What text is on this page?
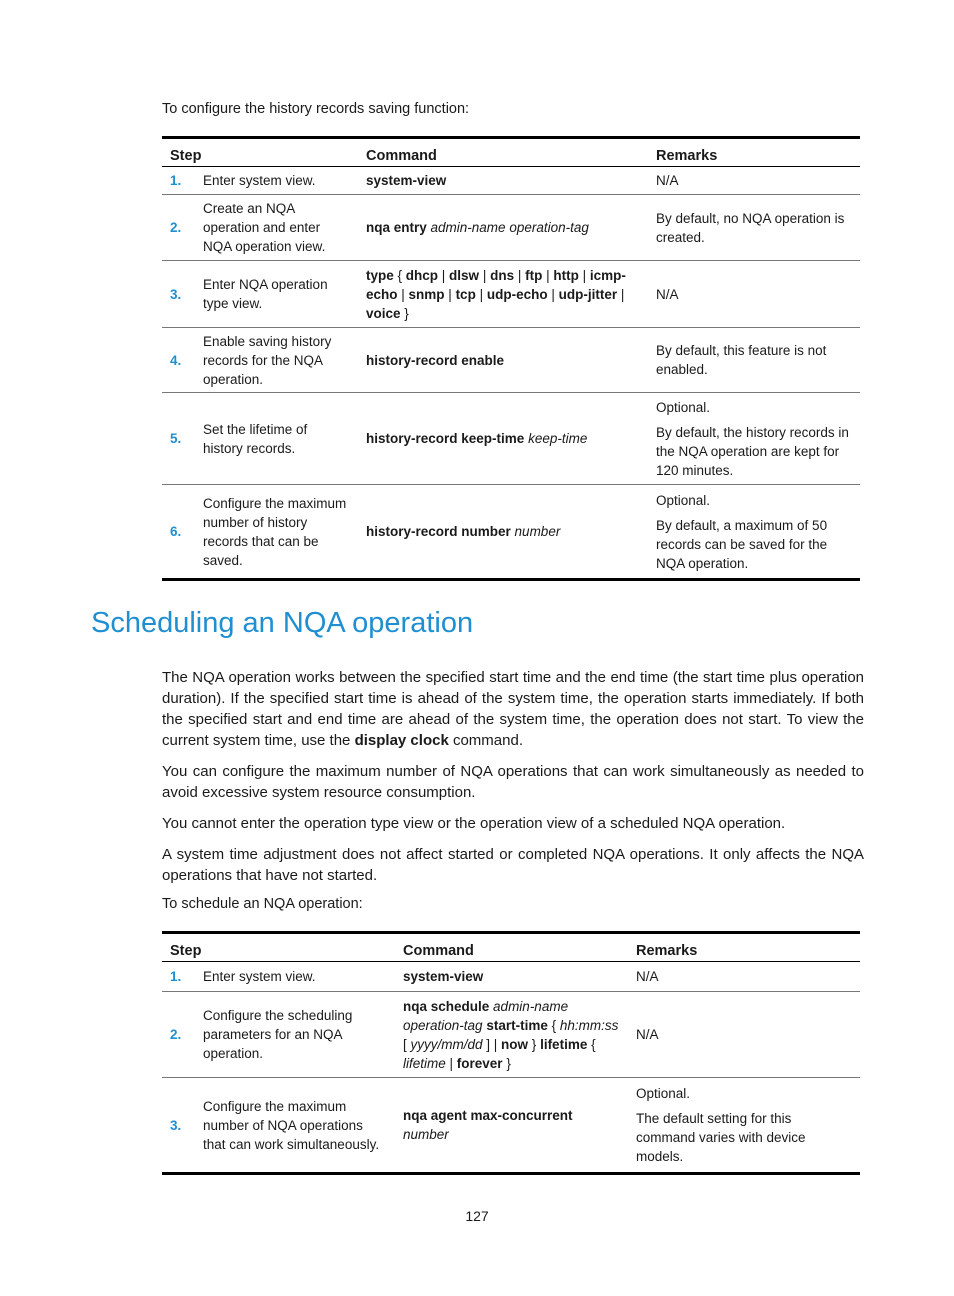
To configure the history records saving function:
Step		Command	Remarks
1.	Enter system view.	system-view	N/A

2.	Create an NQA operation and enter NQA operation view.	nqa entry admin-name operation-tag	By default, no NQA operation is created.

3.	Enter NQA operation type view.	type { dhcp | dlsw | dns | ftp | http | icmp-echo | snmp | tcp | udp-echo | udp-jitter | voice }	N/A

4.	Enable saving history records for the NQA operation.	history-record enable	By default, this feature is not enabled.

5.	Set the lifetime of history records.	history-record keep-time keep-time	Optional.

By default, the history records in the NQA operation are kept for 120 minutes.

6.	Configure the maximum number of history records that can be saved.	history-record number number	Optional.

By default, a maximum of 50 records can be saved for the NQA operation.

Scheduling an NQA operation

The NQA operation works between the specified start time and the end time (the start time plus operation duration). If the specified start time is ahead of the system time, the operation starts immediately. If both the specified start and end time are ahead of the system time, the operation does not start. To view the current system time, use the display clock command.

You can configure the maximum number of NQA operations that can work simultaneously as needed to avoid excessive system resource consumption.

You cannot enter the operation type view or the operation view of a scheduled NQA operation.

A system time adjustment does not affect started or completed NQA operations. It only affects the NQA operations that have not started.

To schedule an NQA operation:
Step		Command	Remarks
1.	Enter system view.	system-view	N/A

2.	Configure the scheduling parameters for an NQA operation.	nqa schedule admin-name operation-tag start-time { hh:mm:ss [ yyyy/mm/dd ] | now } lifetime { lifetime | forever }	N/A

3.	Configure the maximum number of NQA operations that can work simultaneously.	nqa agent max-concurrent number	Optional.

The default setting for this command varies with device models.

127
